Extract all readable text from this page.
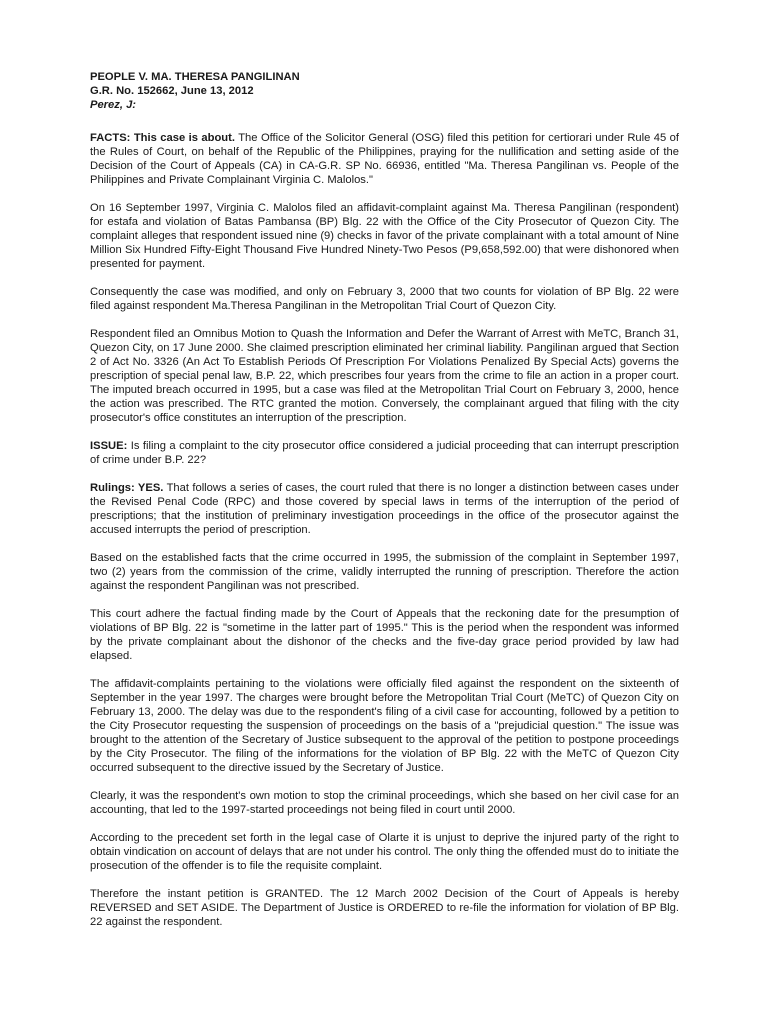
PEOPLE V. MA. THERESA PANGILINAN
G.R. No. 152662, June 13, 2012
Perez, J:

FACTS: This case is about. The Office of the Solicitor General (OSG) filed this petition for certiorari under Rule 45 of the Rules of Court, on behalf of the Republic of the Philippines, praying for the nullification and setting aside of the Decision of the Court of Appeals (CA) in CA-G.R. SP No. 66936, entitled "Ma. Theresa Pangilinan vs. People of the Philippines and Private Complainant Virginia C. Malolos."

On 16 September 1997, Virginia C. Malolos filed an affidavit-complaint against Ma. Theresa Pangilinan (respondent) for estafa and violation of Batas Pambansa (BP) Blg. 22 with the Office of the City Prosecutor of Quezon City. The complaint alleges that respondent issued nine (9) checks in favor of the private complainant with a total amount of Nine Million Six Hundred Fifty-Eight Thousand Five Hundred Ninety-Two Pesos (P9,658,592.00) that were dishonored when presented for payment.

Consequently the case was modified, and only on February 3, 2000 that two counts for violation of BP Blg. 22 were filed against respondent Ma.Theresa Pangilinan in the Metropolitan Trial Court of Quezon City.

Respondent filed an Omnibus Motion to Quash the Information and Defer the Warrant of Arrest with MeTC, Branch 31, Quezon City, on 17 June 2000. She claimed prescription eliminated her criminal liability. Pangilinan argued that Section 2 of Act No. 3326 (An Act To Establish Periods Of Prescription For Violations Penalized By Special Acts) governs the prescription of special penal law, B.P. 22, which prescribes four years from the crime to file an action in a proper court. The imputed breach occurred in 1995, but a case was filed at the Metropolitan Trial Court on February 3, 2000, hence the action was prescribed. The RTC granted the motion. Conversely, the complainant argued that filing with the city prosecutor's office constitutes an interruption of the prescription.

ISSUE: Is filing a complaint to the city prosecutor office considered a judicial proceeding that can interrupt prescription of crime under B.P. 22?

Rulings: YES. That follows a series of cases, the court ruled that there is no longer a distinction between cases under the Revised Penal Code (RPC) and those covered by special laws in terms of the interruption of the period of prescriptions; that the institution of preliminary investigation proceedings in the office of the prosecutor against the accused interrupts the period of prescription.

Based on the established facts that the crime occurred in 1995, the submission of the complaint in September 1997, two (2) years from the commission of the crime, validly interrupted the running of prescription. Therefore the action against the respondent Pangilinan was not prescribed.

This court adhere the factual finding made by the Court of Appeals that the reckoning date for the presumption of violations of BP Blg. 22 is "sometime in the latter part of 1995." This is the period when the respondent was informed by the private complainant about the dishonor of the checks and the five-day grace period provided by law had elapsed.

The affidavit-complaints pertaining to the violations were officially filed against the respondent on the sixteenth of September in the year 1997. The charges were brought before the Metropolitan Trial Court (MeTC) of Quezon City on February 13, 2000. The delay was due to the respondent's filing of a civil case for accounting, followed by a petition to the City Prosecutor requesting the suspension of proceedings on the basis of a "prejudicial question." The issue was brought to the attention of the Secretary of Justice subsequent to the approval of the petition to postpone proceedings by the City Prosecutor. The filing of the informations for the violation of BP Blg. 22 with the MeTC of Quezon City occurred subsequent to the directive issued by the Secretary of Justice.

Clearly, it was the respondent's own motion to stop the criminal proceedings, which she based on her civil case for an accounting, that led to the 1997-started proceedings not being filed in court until 2000.

According to the precedent set forth in the legal case of Olarte it is unjust to deprive the injured party of the right to obtain vindication on account of delays that are not under his control. The only thing the offended must do to initiate the prosecution of the offender is to file the requisite complaint.

Therefore the instant petition is GRANTED. The 12 March 2002 Decision of the Court of Appeals is hereby REVERSED and SET ASIDE. The Department of Justice is ORDERED to re-file the information for violation of BP Blg. 22 against the respondent.
